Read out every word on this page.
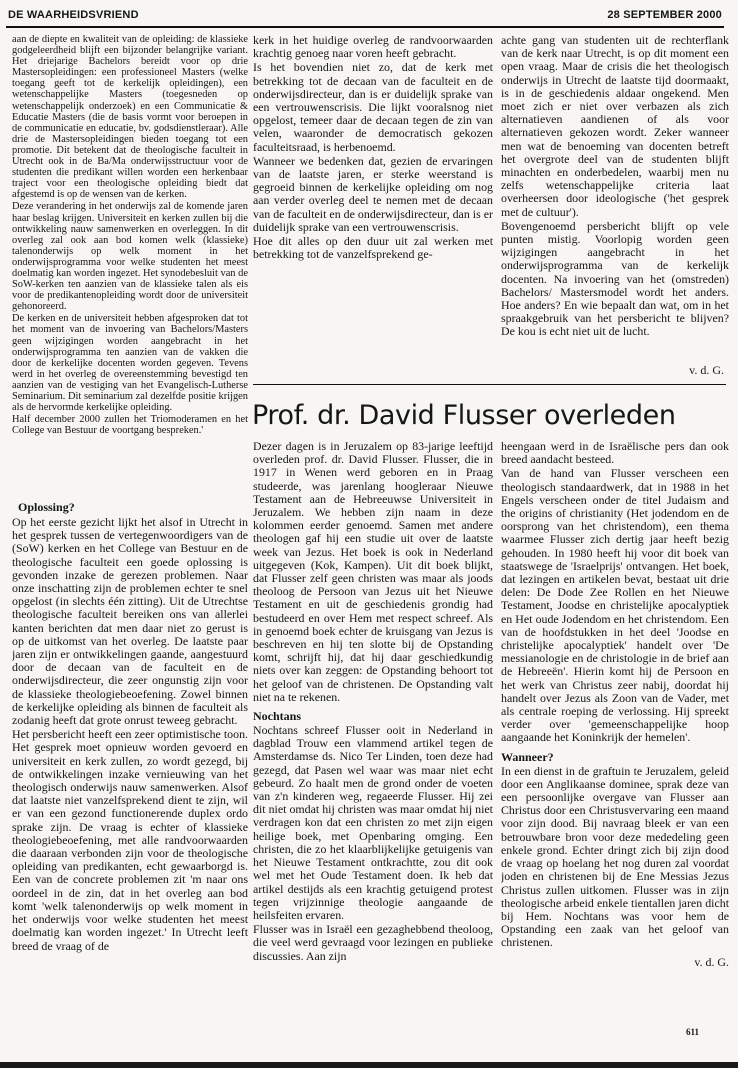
DE WAARHEIDSVRIEND	28 SEPTEMBER 2000

aan de diepte en kwaliteit van de opleiding: de klassieke godgeleerdheid blijft een bijzonder belangrijke variant. Het driejarige Bachelors bereidt voor op drie Mastersopleidingen: een professioneel Masters (welke toegang geeft tot de kerkelijk opleidingen), een wetenschappelijke Masters (toegesneden op wetenschappelijk onderzoek) en een Communicatie & Educatie Masters (die de basis vormt voor beroepen in de communicatie en educatie, bv. godsdienstleraar). Alle drie de Mastersopleidingen bieden toegang tot een promotie. Dit betekent dat de theologische faculteit in Utrecht ook in de Ba/Ma onderwijsstructuur voor de studenten die predikant willen worden een herkenbaar traject voor een theologische opleiding biedt dat afgestemd is op de wensen van de kerken.

Deze verandering in het onderwijs zal de komende jaren haar beslag krijgen. Universiteit en kerken zullen bij die ontwikkeling nauw samenwerken en overleggen. In dit overleg zal ook aan bod komen welk (klassieke) talenonderwijs op welk moment in het onderwijsprogramma voor welke studenten het meest doelmatig kan worden ingezet. Het synodebesluit van de SoW-kerken ten aanzien van de klassieke talen als eis voor de predikantenopleiding wordt door de universiteit gehonoreerd.

De kerken en de universiteit hebben afgesproken dat tot het moment van de invoering van Bachelors/Masters geen wijzigingen worden aangebracht in het onderwijsprogramma ten aanzien van de vakken die door de kerkelijke docenten worden gegeven. Tevens werd in het overleg de overeenstemming bevestigd ten aanzien van de vestiging van het Evangelisch-Lutherse Seminarium. Dit seminarium zal dezelfde positie krijgen als de hervormde kerkelijke opleiding.

Half december 2000 zullen het Triomoderamen en het College van Bestuur de voortgang bespreken.'

Oplossing?

Op het eerste gezicht lijkt het alsof in Utrecht in het gesprek tussen de vertegenwoordigers van de (SoW) kerken en het College van Bestuur en de theologische faculteit een goede oplossing is gevonden inzake de gerezen problemen. Naar onze inschatting zijn de problemen echter te snel opgelost (in slechts één zitting). Uit de Utrechtse theologische faculteit bereiken ons van allerlei kanten berichten dat men daar niet zo gerust is op de uitkomst van het overleg. De laatste paar jaren zijn er ontwikkelingen gaande, aangestuurd door de decaan van de faculteit en de onderwijsdirecteur, die zeer ongunstig zijn voor de klassieke theologiebeoefening. Zowel binnen de kerkelijke opleiding als binnen de faculteit als zodanig heeft dat grote onrust teweeg gebracht.

Het persbericht heeft een zeer optimistische toon. Het gesprek moet opnieuw worden gevoerd en universiteit en kerk zullen, zo wordt gezegd, bij de ontwikkelingen inzake vernieuwing van het theologisch onderwijs nauw samenwerken. Alsof dat laatste niet vanzelfsprekend dient te zijn, wil er van een gezond functionerende duplex ordo sprake zijn. De vraag is echter of klassieke theologiebeoefening, met alle randvoorwaarden die daaraan verbonden zijn voor de theologische opleiding van predikanten, echt gewaarborgd is. Een van de concrete problemen zit 'm naar ons oordeel in de zin, dat in het overleg aan bod komt 'welk talenonderwijs op welk moment in het onderwijs voor welke studenten het meest doelmatig kan worden ingezet.' In Utrecht leeft breed de vraag of de

kerk in het huidige overleg de randvoorwaarden krachtig genoeg naar voren heeft gebracht.

Is het bovendien niet zo, dat de kerk met betrekking tot de decaan van de faculteit en de onderwijsdirecteur, dan is er duidelijk sprake van een vertrouwenscrisis. Die lijkt vooralsnog niet opgelost, temeer daar de decaan tegen de zin van velen, waaronder de democratisch gekozen faculteitsraad, is herbenoemd.

Wanneer we bedenken dat, gezien de ervaringen van de laatste jaren, er sterke weerstand is gegroeid binnen de kerkelijke opleiding om nog aan verder overleg deel te nemen met de decaan van de faculteit en de onderwijsdirecteur, dan is er duidelijk sprake van een vertrouwenscrisis.

Hoe dit alles op den duur uit zal werken met betrekking tot de vanzelfsprekend ge-

achte gang van studenten uit de rechterflank van de kerk naar Utrecht, is op dit moment een open vraag. Maar de crisis die het theologisch onderwijs in Utrecht de laatste tijd doormaakt, is in de geschiedenis aldaar ongekend. Men moet zich er niet over verbazen als zich alternatieven aandienen of als voor alternatieven gekozen wordt. Zeker wanneer men wat de benoeming van docenten betreft het overgrote deel van de studenten blijft minachten en onderbedelen, waarbij men nu zelfs wetenschappelijke criteria laat overheersen door ideologische ('het gesprek met de cultuur').

Bovengenoemd persbericht blijft op vele punten mistig. Voorlopig worden geen wijzigingen aangebracht in het onderwijsprogramma van de kerkelijk docenten. Na invoering van het (omstreden) Bachelors/ Mastersmodel wordt het anders. Hoe anders? En wie bepaalt dan wat, om in het spraakgebruik van het persbericht te blijven? De kou is echt niet uit de lucht.

v. d. G.
Prof. dr. David Flusser overleden

Dezer dagen is in Jeruzalem op 83-jarige leeftijd overleden prof. dr. David Flusser. Flusser, die in 1917 in Wenen werd geboren en in Praag studeerde, was jarenlang hoogleraar Nieuwe Testament aan de Hebreeuwse Universiteit in Jeruzalem. We hebben zijn naam in deze kolommen eerder genoemd. Samen met andere theologen gaf hij een studie uit over de laatste week van Jezus. Het boek is ook in Nederland uitgegeven (Kok, Kampen). Uit dit boek blijkt, dat Flusser zelf geen christen was maar als joods theoloog de Persoon van Jezus uit het Nieuwe Testament en uit de geschiedenis grondig had bestudeerd en over Hem met respect schreef. Als in genoemd boek echter de kruisgang van Jezus is beschreven en hij ten slotte bij de Opstanding komt, schrijft hij, dat hij daar geschiedkundig niets over kan zeggen: de Opstanding behoort tot het geloof van de christenen. De Opstanding valt niet na te rekenen.

Nochtans

Nochtans schreef Flusser ooit in Nederland in dagblad Trouw een vlammend artikel tegen de Amsterdamse ds. Nico Ter Linden, toen deze had gezegd, dat Pasen wel waar was maar niet echt gebeurd. Zo haalt men de grond onder de voeten van z'n kinderen weg, regaeerde Flusser. Hij zei dit niet omdat hij christen was maar omdat hij niet verdragen kon dat een christen zo met zijn eigen heilige boek, met Openbaring omging. Een christen, die zo het klaarblijkelijke getuigenis van het Nieuwe Testament ontkrachtte, zou dit ook wel met het Oude Testament doen. Ik heb dat artikel destijds als een krachtig getuigend protest tegen vrijzinnige theologie aangaande de heilsfeiten ervaren.

Flusser was in Israël een gezaghebbend theoloog, die veel werd gevraagd voor lezingen en publieke discussies. Aan zijn

heengaan werd in de Israëlische pers dan ook breed aandacht besteed.

Van de hand van Flusser verscheen een theologisch standaardwerk, dat in 1988 in het Engels verscheen onder de titel Judaism and the origins of christianity (Het jodendom en de oorsprong van het christendom), een thema waarmee Flusser zich dertig jaar heeft bezig gehouden. In 1980 heeft hij voor dit boek van staatswege de 'Israelprijs' ontvangen. Het boek, dat lezingen en artikelen bevat, bestaat uit drie delen: De Dode Zee Rollen en het Nieuwe Testament, Joodse en christelijke apocalyptiek en Het oude Jodendom en het christendom. Een van de hoofdstukken in het deel 'Joodse en christelijke apocalyptiek' handelt over 'De messianologie en de christologie in de brief aan de Hebreeën'. Hierin komt hij de Persoon en het werk van Christus zeer nabij, doordat hij handelt over Jezus als Zoon van de Vader, met als centrale roeping de verlossing. Hij spreekt verder over 'gemeenschappelijke hoop aangaande het Koninkrijk der hemelen'.

Wanneer?

In een dienst in de graftuin te Jeruzalem, geleid door een Anglikaanse dominee, sprak deze van een persoonlijke overgave van Flusser aan Christus door een Christusvervaring een maand voor zijn dood. Bij navraag bleek er van een betrouwbare bron voor deze mededeling geen enkele grond. Echter dringt zich bij zijn dood de vraag op hoelang het nog duren zal voordat joden en christenen bij de Ene Messias Jezus Christus zullen uitkomen. Flusser was in zijn theologische arbeid enkele tientallen jaren dicht bij Hem. Nochtans was voor hem de Opstanding een zaak van het geloof van christenen.

v. d. G.
611
